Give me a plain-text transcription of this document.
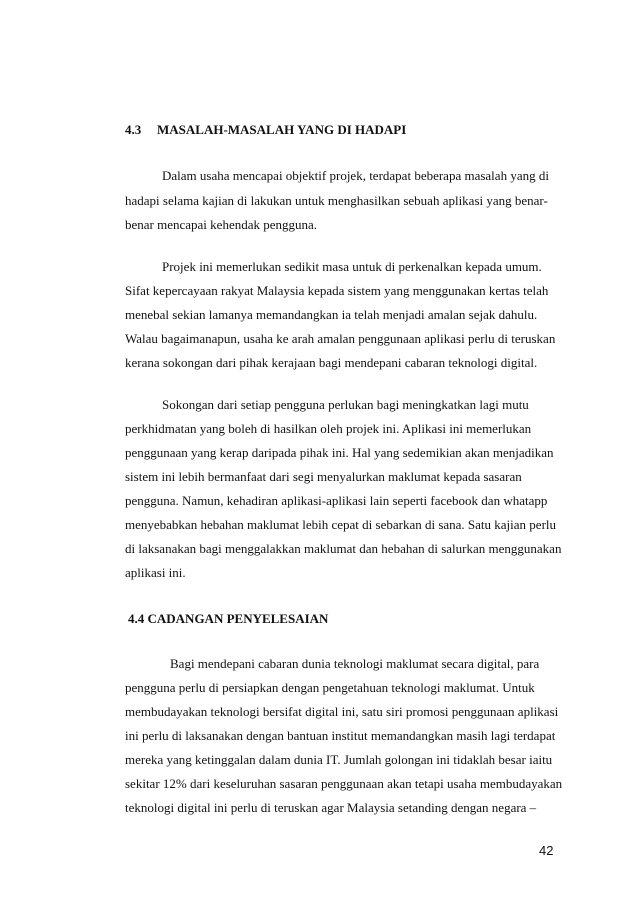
4.3 MASALAH-MASALAH YANG DI HADAPI
Dalam usaha mencapai objektif projek, terdapat beberapa masalah yang di
hadapi selama kajian di lakukan untuk menghasilkan sebuah aplikasi yang benar-
benar mencapai kehendak pengguna.
Projek ini memerlukan sedikit masa untuk di perkenalkan kepada umum.
Sifat kepercayaan rakyat Malaysia kepada sistem yang menggunakan kertas telah
menebal sekian lamanya memandangkan ia telah menjadi amalan sejak dahulu.
Walau bagaimanapun, usaha ke arah amalan penggunaan aplikasi perlu di teruskan
kerana sokongan dari pihak kerajaan bagi mendepani cabaran teknologi digital.
Sokongan dari setiap pengguna perlukan bagi meningkatkan lagi mutu
perkhidmatan yang boleh di hasilkan oleh projek ini. Aplikasi ini memerlukan
penggunaan yang kerap daripada pihak ini. Hal yang sedemikian akan menjadikan
sistem ini lebih bermanfaat dari segi menyalurkan maklumat kepada sasaran
pengguna. Namun, kehadiran aplikasi-aplikasi lain seperti facebook dan whatapp
menyebabkan hebahan maklumat lebih cepat di sebarkan di sana. Satu kajian perlu
di laksanakan bagi menggalakkan maklumat dan hebahan di salurkan menggunakan
aplikasi ini.
4.4 CADANGAN PENYELESAIAN
Bagi mendepani cabaran dunia teknologi maklumat secara digital, para
pengguna perlu di persiapkan dengan pengetahuan teknologi maklumat. Untuk
membudayakan teknologi bersifat digital ini, satu siri promosi penggunaan aplikasi
ini perlu di laksanakan dengan bantuan institut memandangkan masih lagi terdapat
mereka yang ketinggalan dalam dunia IT. Jumlah golongan ini tidaklah besar iaitu
sekitar 12% dari keseluruhan sasaran penggunaan akan tetapi usaha membudayakan
teknologi digital ini perlu di teruskan agar Malaysia setanding dengan negara –
42
